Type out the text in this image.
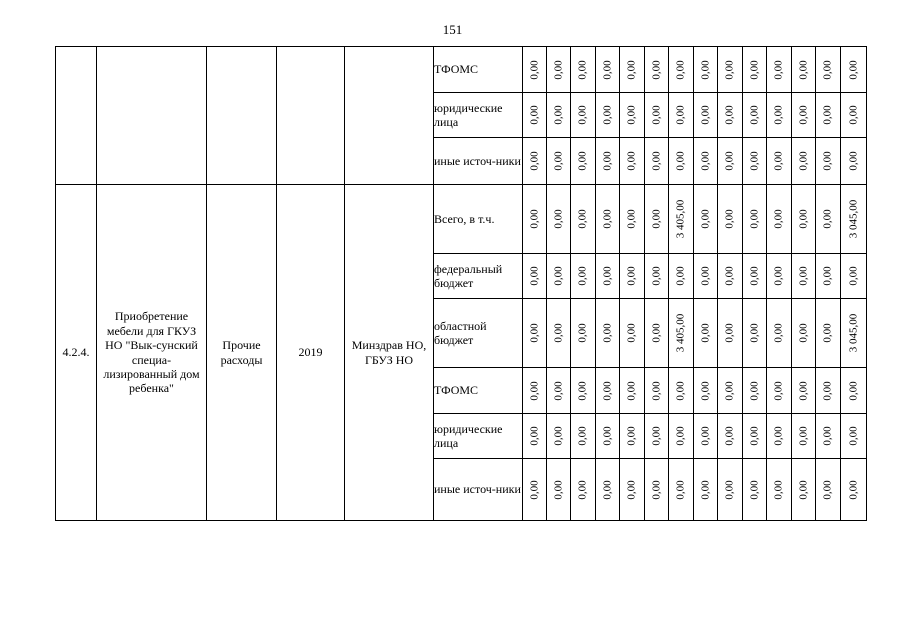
151
					ТФОМС	0,00	0,00	0,00	0,00	0,00	0,00	0,00	0,00	0,00	0,00	0,00	0,00	0,00	0,00

					юридические лица	0,00	0,00	0,00	0,00	0,00	0,00	0,00	0,00	0,00	0,00	0,00	0,00	0,00	0,00

					иные источ-ники	0,00	0,00	0,00	0,00	0,00	0,00	0,00	0,00	0,00	0,00	0,00	0,00	0,00	0,00

4.2.4.	Приобретение мебели для ГКУЗ НО "Вык-сунский специа-лизированный дом ребенка"	Прочие расходы	2019	Минздрав НО, ГБУЗ НО	Всего, в т.ч.	0,00	0,00	0,00	0,00	0,00	0,00	3 405,00	0,00	0,00	0,00	0,00	0,00	0,00	3 045,00

					федеральный бюджет	0,00	0,00	0,00	0,00	0,00	0,00	0,00	0,00	0,00	0,00	0,00	0,00	0,00	0,00

					областной бюджет	0,00	0,00	0,00	0,00	0,00	0,00	3 405,00	0,00	0,00	0,00	0,00	0,00	0,00	3 045,00

					ТФОМС	0,00	0,00	0,00	0,00	0,00	0,00	0,00	0,00	0,00	0,00	0,00	0,00	0,00	0,00

					юридические лица	0,00	0,00	0,00	0,00	0,00	0,00	0,00	0,00	0,00	0,00	0,00	0,00	0,00	0,00

					иные источ-ники	0,00	0,00	0,00	0,00	0,00	0,00	0,00	0,00	0,00	0,00	0,00	0,00	0,00	0,00
